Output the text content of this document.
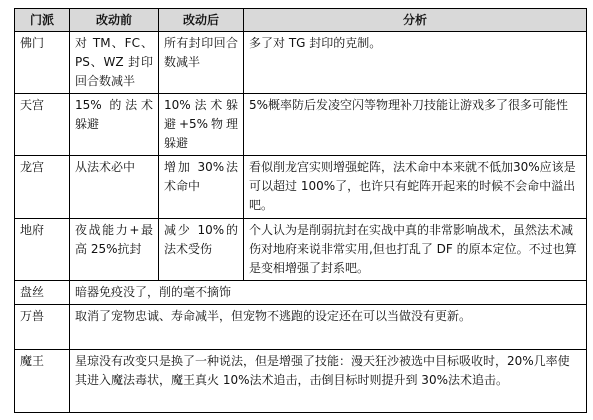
门派	改动前	改动后	分析
佛门	对 TM、FC、PS、WZ 封印回合数减半	所有封印回合数减半	多了对 TG 封印的克制。
天宫	15% 的法术躲避	10%法术躲避+5%物理躲避	5%概率防后发凌空闪等物理补刀技能让游戏多了很多可能性
龙宫	从法术必中	增加 30%法术命中	看似削龙宫实则增强蛇阵，法术命中本来就不低加30%应该是可以超过 100%了，也许只有蛇阵开起来的时候不会命中溢出吧。
地府	夜战能力+最高 25%抗封	减少 10%的法术受伤	个人认为是削弱抗封在实战中真的非常影响战术，虽然法术减伤对地府来说非常实用,但也打乱了 DF 的原本定位。不过也算是变相增强了封系吧。
盘丝	暗器免疫没了，削的毫不摘饰		
万兽	取消了宠物忠诚、寿命减半，但宠物不逃跑的设定还在可以当做没有更新。		
魔王	星琼没有改变只是换了一种说法，但是增强了技能：漫天狂沙被选中目标吸收时，20%几率使其进入魔法毒状，魔王真火 10%法术追击，击倒目标时则提升到 30%法术追击。		
